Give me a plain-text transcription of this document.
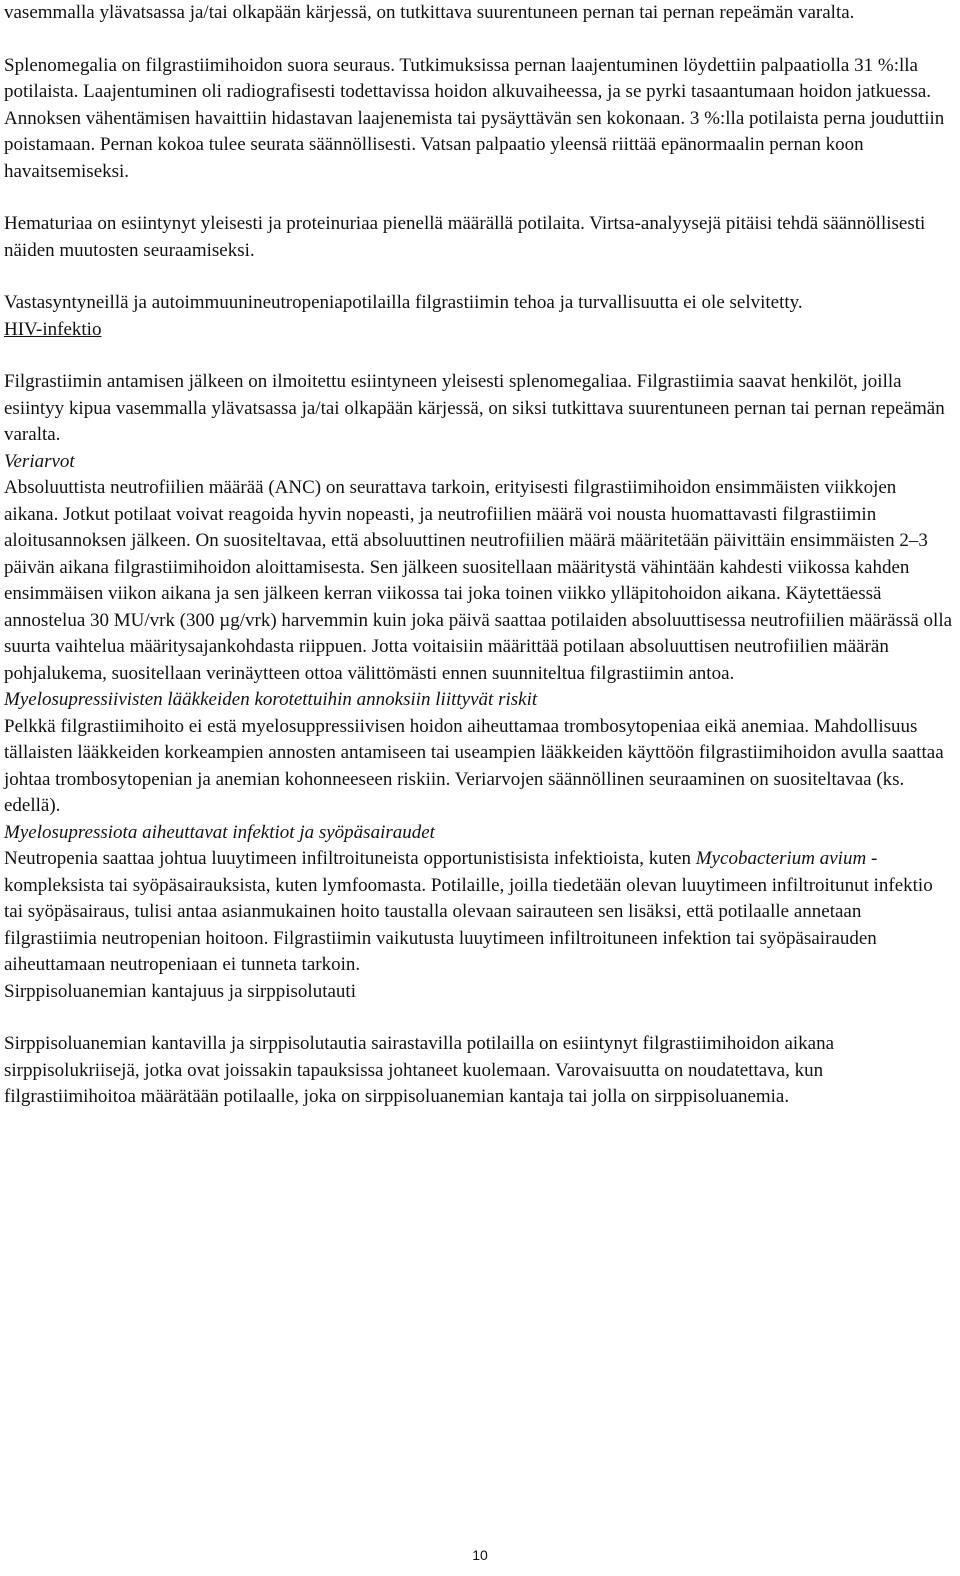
vasemmalla ylävatsassa ja/tai olkapään kärjessä, on tutkittava suurentuneen pernan tai pernan repeämän varalta.

Splenomegalia on filgrastiimihoidon suora seuraus. Tutkimuksissa pernan laajentuminen löydettiin palpaatiolla 31 %:lla potilaista. Laajentuminen oli radiografisesti todettavissa hoidon alkuvaiheessa, ja se pyrki tasaantumaan hoidon jatkuessa. Annoksen vähentämisen havaittiin hidastavan laajenemista tai pysäyttävän sen kokonaan. 3 %:lla potilaista perna jouduttiin poistamaan. Pernan kokoa tulee seurata säännöllisesti. Vatsan palpaatio yleensä riittää epänormaalin pernan koon havaitsemiseksi.

Hematuriaa on esiintynyt yleisesti ja proteinuriaa pienellä määrällä potilaita. Virtsa-analyysejä pitäisi tehdä säännöllisesti näiden muutosten seuraamiseksi.

Vastasyntyneillä ja autoimmuunineutropeniapotilailla filgrastiimin tehoa ja turvallisuutta ei ole selvitetty.

HIV-infektio

Filgrastiimin antamisen jälkeen on ilmoitettu esiintyneen yleisesti splenomegaliaa. Filgrastiimia saavat henkilöt, joilla esiintyy kipua vasemmalla ylävatsassa ja/tai olkapään kärjessä, on siksi tutkittava suurentuneen pernan tai pernan repeämän varalta.

Veriarvot

Absoluuttista neutrofiilien määrää (ANC) on seurattava tarkoin, erityisesti filgrastiimihoidon ensimmäisten viikkojen aikana. Jotkut potilaat voivat reagoida hyvin nopeasti, ja neutrofiilien määrä voi nousta huomattavasti filgrastiimin aloitusannoksen jälkeen. On suositeltavaa, että absoluuttinen neutrofiilien määrä määritetään päivittäin ensimmäisten 2–3 päivän aikana filgrastiimihoidon aloittamisesta. Sen jälkeen suositellaan määritystä vähintään kahdesti viikossa kahden ensimmäisen viikon aikana ja sen jälkeen kerran viikossa tai joka toinen viikko ylläpitohoidon aikana. Käytettäessä annostelua 30 MU/vrk (300 µg/vrk) harvemmin kuin joka päivä saattaa potilaiden absoluuttisessa neutrofiilien määrässä olla suurta vaihtelua määritysajankohdasta riippuen. Jotta voitaisiin määrittää potilaan absoluuttisen neutrofiilien määrän pohjalukema, suositellaan verinäytteen ottoa välittömästi ennen suunniteltua filgrastiimin antoa.

Myelosupressiivisten lääkkeiden korotettuihin annoksiin liittyvät riskit

Pelkkä filgrastiimihoito ei estä myelosuppressiivisen hoidon aiheuttamaa trombosytopeniaa eikä anemiaa. Mahdollisuus tällaisten lääkkeiden korkeampien annosten antamiseen tai useampien lääkkeiden käyttöön filgrastiimihoidon avulla saattaa johtaa trombosytopenian ja anemian kohonneeseen riskiin. Veriarvojen säännöllinen seuraaminen on suositeltavaa (ks. edellä).

Myelosupressiota aiheuttavat infektiot ja syöpäsairaudet

Neutropenia saattaa johtua luuytimeen infiltroituneista opportunistisista infektioista, kuten Mycobacterium avium -kompleksista tai syöpäsairauksista, kuten lymfoomasta. Potilaille, joilla tiedetään olevan luuytimeen infiltroitunut infektio tai syöpäsairaus, tulisi antaa asianmukainen hoito taustalla olevaan sairauteen sen lisäksi, että potilaalle annetaan filgrastiimia neutropenian hoitoon. Filgrastiimin vaikutusta luuytimeen infiltroituneen infektion tai syöpäsairauden aiheuttamaan neutropeniaan ei tunneta tarkoin.

Sirppisoluanemian kantajuus ja sirppisolutauti

Sirppisoluanemian kantavilla ja sirppisolutautia sairastavilla potilailla on esiintynyt filgrastiimihoidon aikana sirppisolukriisejä, jotka ovat joissakin tapauksissa johtaneet kuolemaan. Varovaisuutta on noudatettava, kun filgrastiimihoitoa määrätään potilaalle, joka on sirppisoluanemian kantaja tai jolla on sirppisoluanemia.

10
